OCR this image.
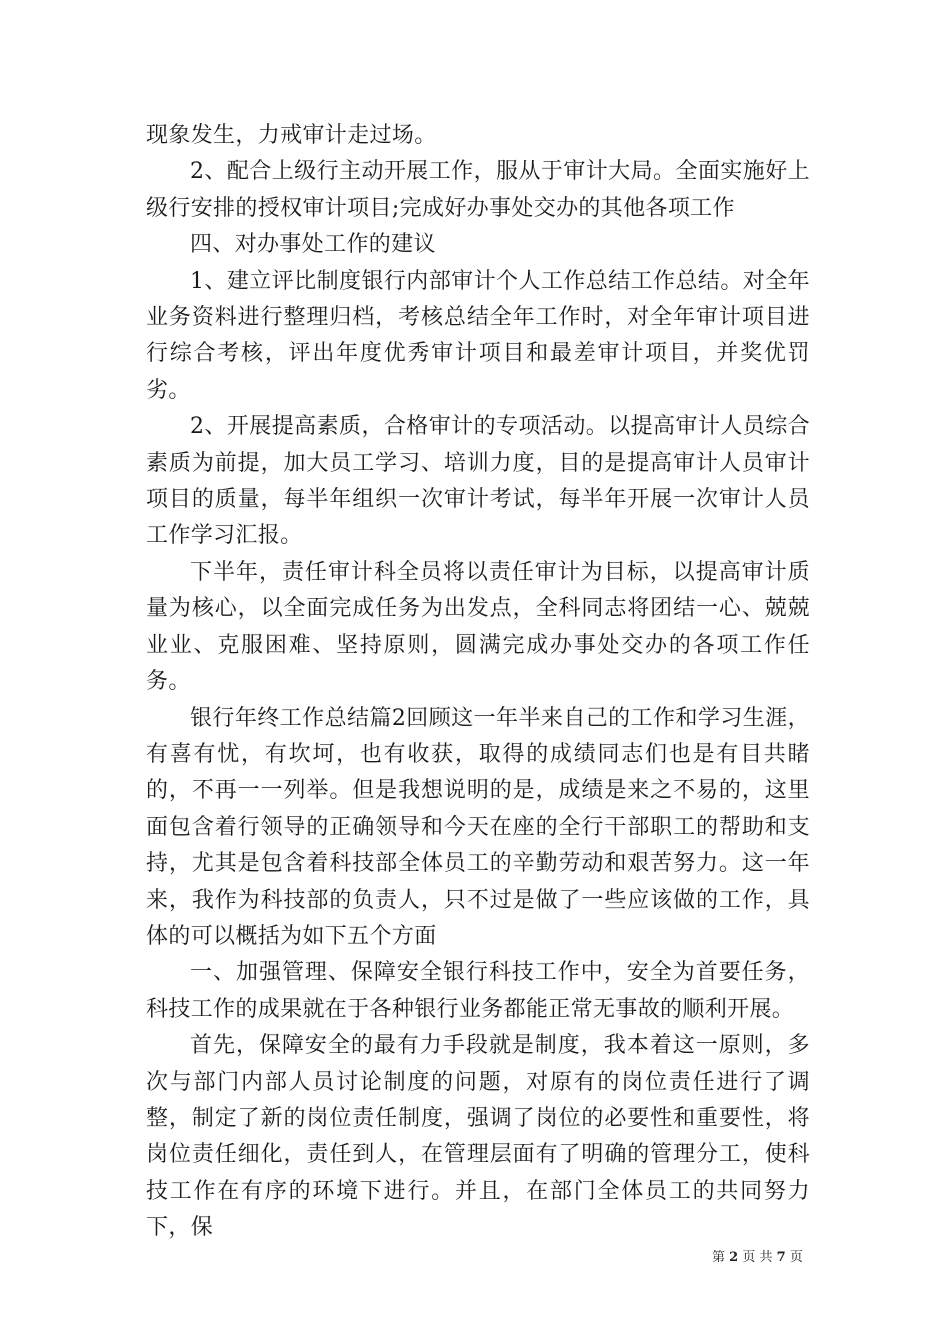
现象发生，力戒审计走过场。

2、配合上级行主动开展工作，服从于审计大局。全面实施好上级行安排的授权审计项目;完成好办事处交办的其他各项工作

四、对办事处工作的建议

1、建立评比制度银行内部审计个人工作总结工作总结。对全年业务资料进行整理归档，考核总结全年工作时，对全年审计项目进行综合考核，评出年度优秀审计项目和最差审计项目，并奖优罚劣。

2、开展提高素质，合格审计的专项活动。以提高审计人员综合素质为前提，加大员工学习、培训力度，目的是提高审计人员审计项目的质量，每半年组织一次审计考试，每半年开展一次审计人员工作学习汇报。

下半年，责任审计科全员将以责任审计为目标，以提高审计质量为核心，以全面完成任务为出发点，全科同志将团结一心、兢兢业业、克服困难、坚持原则，圆满完成办事处交办的各项工作任务。

银行年终工作总结篇2回顾这一年半来自己的工作和学习生涯，有喜有忧，有坎坷，也有收获，取得的成绩同志们也是有目共睹的，不再一一列举。但是我想说明的是，成绩是来之不易的，这里面包含着行领导的正确领导和今天在座的全行干部职工的帮助和支持，尤其是包含着科技部全体员工的辛勤劳动和艰苦努力。这一年来，我作为科技部的负责人，只不过是做了一些应该做的工作，具体的可以概括为如下五个方面

一、加强管理、保障安全银行科技工作中，安全为首要任务，科技工作的成果就在于各种银行业务都能正常无事故的顺利开展。

首先，保障安全的最有力手段就是制度，我本着这一原则，多次与部门内部人员讨论制度的问题，对原有的岗位责任进行了调整，制定了新的岗位责任制度，强调了岗位的必要性和重要性，将岗位责任细化，责任到人，在管理层面有了明确的管理分工，使科技工作在有序的环境下进行。并且，在部门全体员工的共同努力下，保

第 2 页 共 7 页
